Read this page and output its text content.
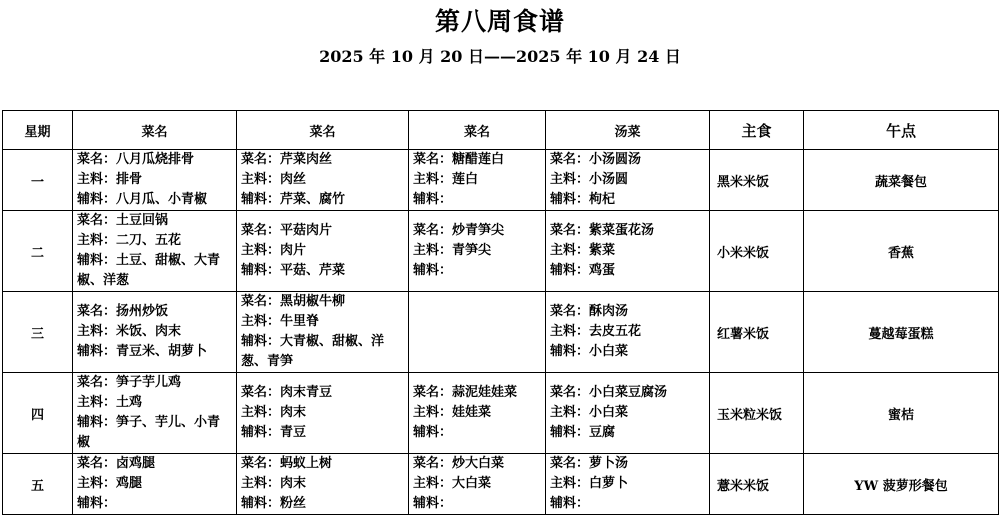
第八周食谱
2025 年 10 月 20 日——2025 年 10 月 24 日
星期	菜名	菜名	菜名	汤菜	主食	午点
一	菜名：八月瓜烧排骨
主料：排骨
辅料：八月瓜、小青椒	菜名：芹菜肉丝
主料：肉丝
辅料：芹菜、腐竹	菜名：糖醋莲白
主料：莲白
辅料：	菜名：小汤圆汤
主料：小汤圆
辅料：枸杞	黑米米饭	蔬菜餐包
二	菜名：土豆回锅
主料：二刀、五花
辅料：土豆、甜椒、大青椒、洋葱	菜名：平菇肉片
主料：肉片
辅料：平菇、芹菜	菜名：炒青笋尖
主料：青笋尖
辅料：	菜名：紫菜蛋花汤
主料：紫菜
辅料：鸡蛋	小米米饭	香蕉
三	菜名：扬州炒饭
主料：米饭、肉末
辅料：青豆米、胡萝卜	菜名：黑胡椒牛柳
主料：牛里脊
辅料：大青椒、甜椒、洋葱、青笋		菜名：酥肉汤
主料：去皮五花
辅料：小白菜	红薯米饭	蔓越莓蛋糕
四	菜名：笋子芋儿鸡
主料：土鸡
辅料：笋子、芋儿、小青椒	菜名：肉末青豆
主料：肉末
辅料：青豆	菜名：蒜泥娃娃菜
主料：娃娃菜
辅料：	菜名：小白菜豆腐汤
主料：小白菜
辅料：豆腐	玉米粒米饭	蜜桔
五	菜名：卤鸡腿
主料：鸡腿
辅料：	菜名：蚂蚁上树
主料：肉末
辅料：粉丝	菜名：炒大白菜
主料：大白菜
辅料：	菜名：萝卜汤
主料：白萝卜
辅料：	薏米米饭	YW 菠萝形餐包
